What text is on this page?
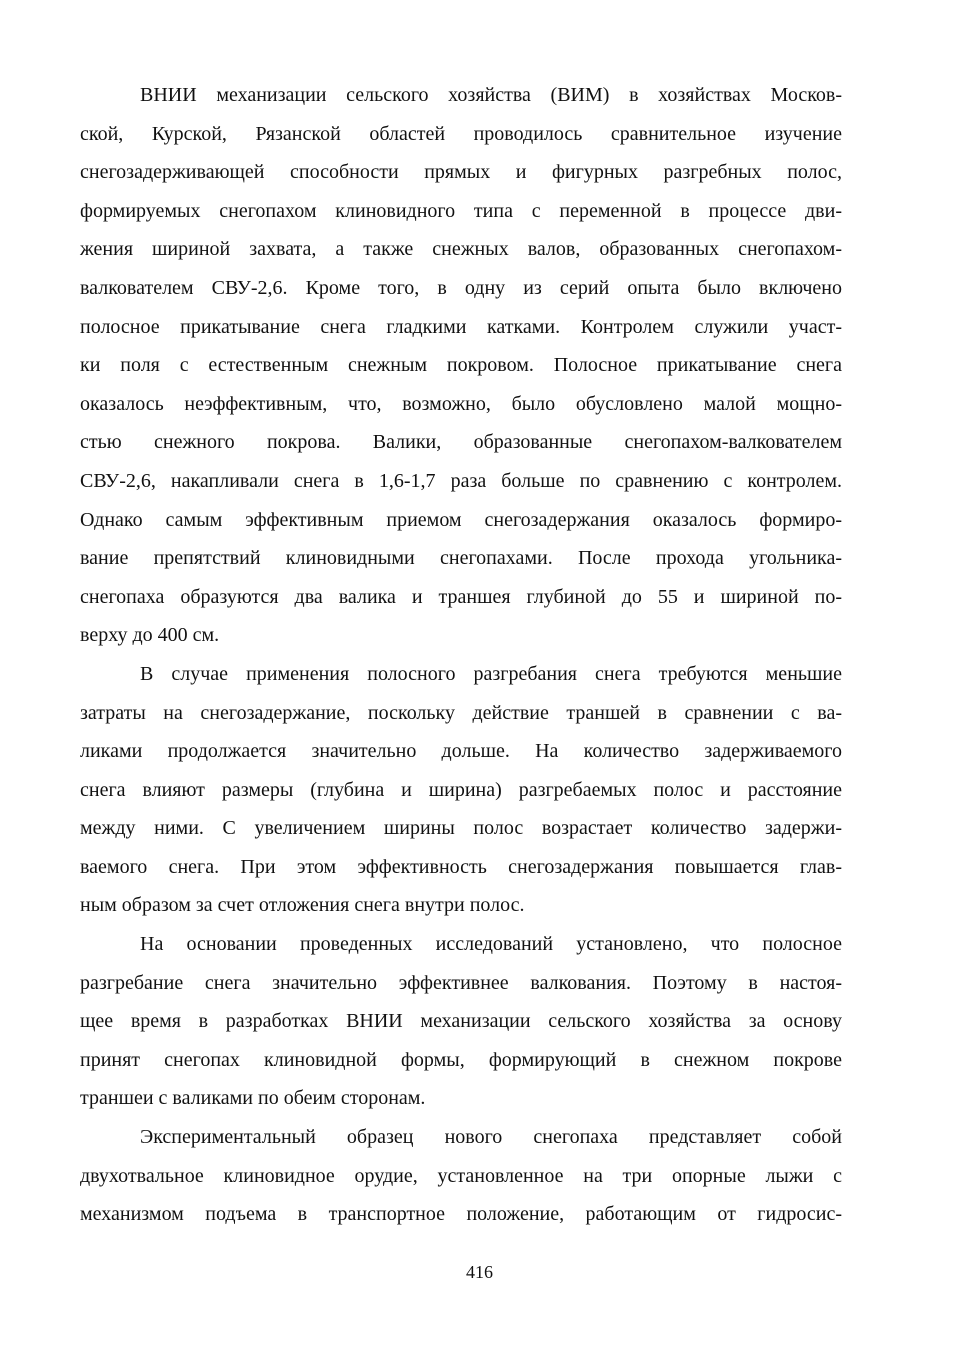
ВНИИ механизации сельского хозяйства (ВИМ) в хозяйствах Москов-
ской, Курской, Рязанской областей проводилось сравнительное изучение
снегозадерживающей способности прямых и фигурных разгребных полос,
формируемых снегопахом клиновидного типа с переменной в процессе дви-
жения шириной захвата, а также снежных валов, образованных снегопахом-
валкователем СВУ-2,6. Кроме того, в одну из серий опыта было включено
полосное прикатывание снега гладкими катками. Контролем служили участ-
ки поля с естественным снежным покровом. Полосное прикатывание снега
оказалось неэффективным, что, возможно, было обусловлено малой мощно-
стью снежного покрова. Валики, образованные снегопахом-валкователем
СВУ-2,6, накапливали снега в 1,6-1,7 раза больше по сравнению с контролем.
Однако самым эффективным приемом снегозадержания оказалось формиро-
вание препятствий клиновидными снегопахами. После прохода угольника-
снегопаха образуются два валика и траншея глубиной до 55 и шириной по-
верху до 400 см.
В случае применения полосного разгребания снега требуются меньшие
затраты на снегозадержание, поскольку действие траншей в сравнении с ва-
ликами продолжается значительно дольше. На количество задерживаемого
снега влияют размеры (глубина и ширина) разгребаемых полос и расстояние
между ними. С увеличением ширины полос возрастает количество задержи-
ваемого снега. При этом эффективность снегозадержания повышается глав-
ным образом за счет отложения снега внутри полос.
На основании проведенных исследований установлено, что полосное
разгребание снега значительно эффективнее валкования. Поэтому в настоя-
щее время в разработках ВНИИ механизации сельского хозяйства за основу
принят снегопах клиновидной формы, формирующий в снежном покрове
траншеи с валиками по обеим сторонам.
Экспериментальный образец нового снегопаха представляет собой
двухотвальное клиновидное орудие, установленное на три опорные лыжи с
механизмом подъема в транспортное положение, работающим от гидросис-
416
